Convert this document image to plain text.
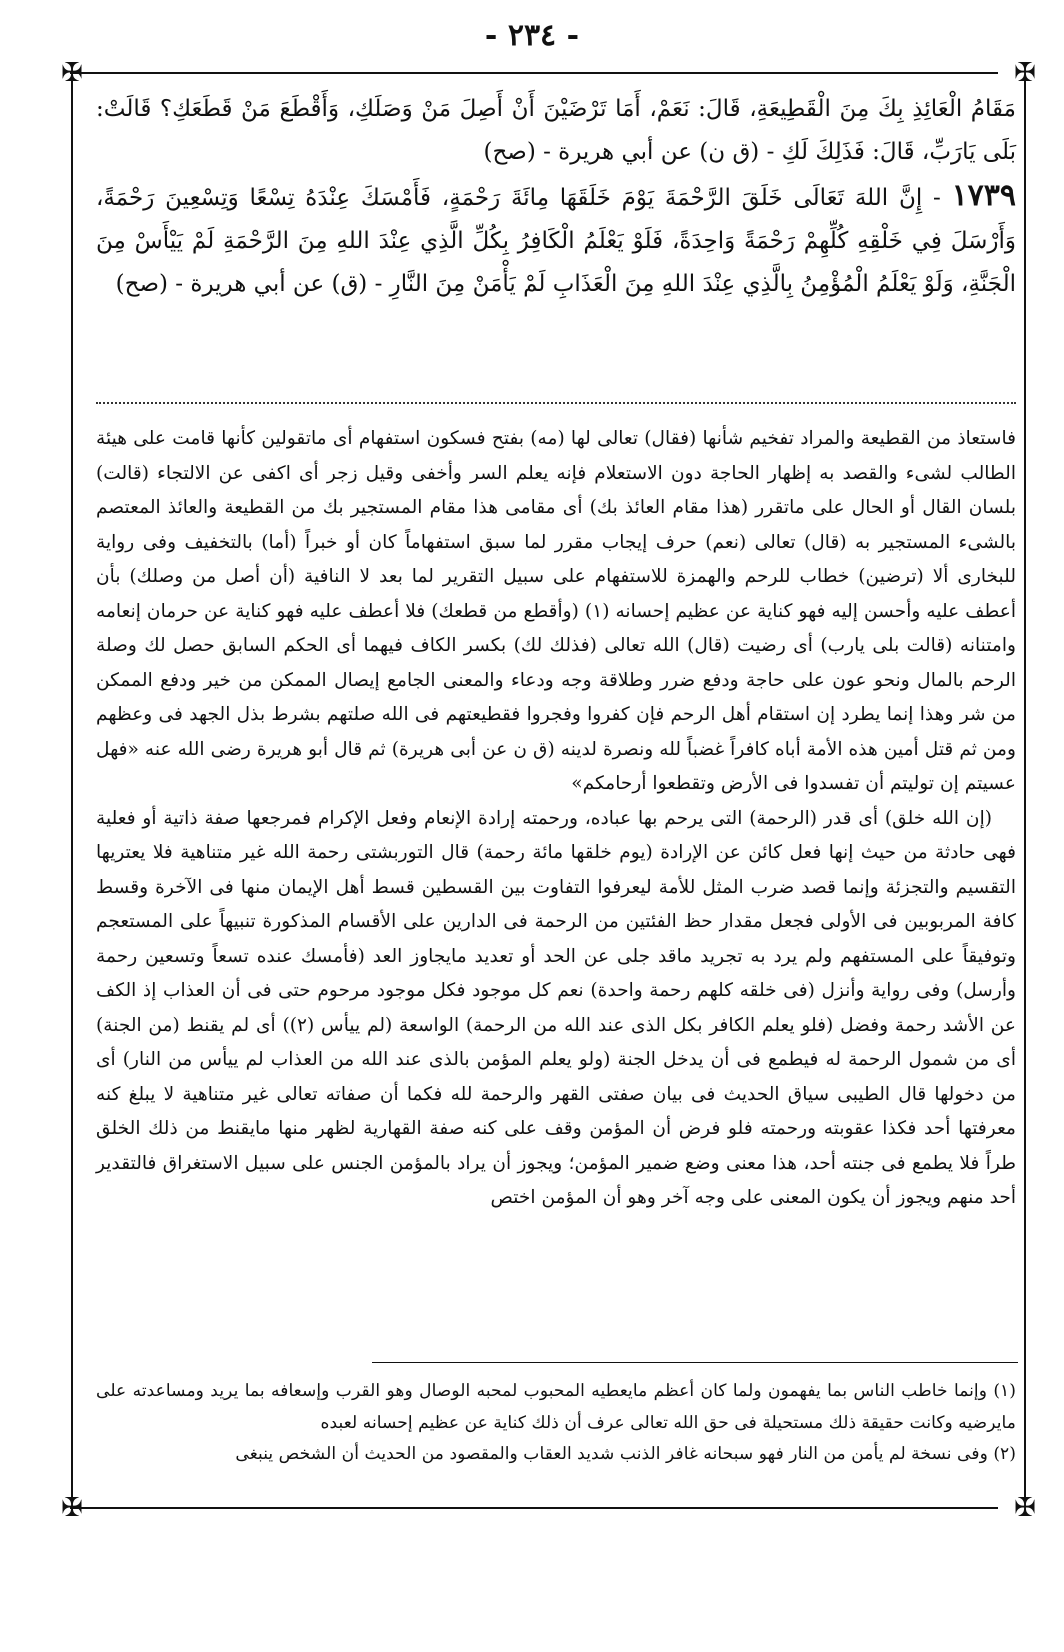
- ٢٣٤ -
✠	✠
✠	✠

مَقَامُ الْعَائِذِ بِكَ مِنَ الْقَطِيعَةِ، قَالَ: نَعَمْ، أَمَا تَرْضَيْنَ أَنْ أَصِلَ مَنْ وَصَلَكِ، وَأَقْطَعَ مَنْ قَطَعَكِ؟ قَالَتْ: بَلَى يَارَبِّ، قَالَ: فَذَلِكَ لَكِ - (ق ن) عن أبي هريرة - (صح)

١٧٣٩ - إِنَّ اللهَ تَعَالَى خَلَقَ الرَّحْمَةَ يَوْمَ خَلَقَهَا مِائَةَ رَحْمَةٍ، فَأَمْسَكَ عِنْدَهُ تِسْعًا وَتِسْعِينَ رَحْمَةً، وَأَرْسَلَ فِي خَلْقِهِ كُلِّهِمْ رَحْمَةً وَاحِدَةً، فَلَوْ يَعْلَمُ الْكَافِرُ بِكُلِّ الَّذِي عِنْدَ اللهِ مِنَ الرَّحْمَةِ لَمْ يَيْأَسْ مِنَ الْجَنَّةِ، وَلَوْ يَعْلَمُ الْمُؤْمِنُ بِالَّذِي عِنْدَ اللهِ مِنَ الْعَذَابِ لَمْ يَأْمَنْ مِنَ النَّارِ - (ق) عن أبي هريرة - (صح)

فاستعاذ من القطيعة والمراد تفخيم شأنها (فقال) تعالى لها (مه) بفتح فسكون استفهام أى ماتقولين كأنها قامت على هيئة الطالب لشىء والقصد به إظهار الحاجة دون الاستعلام فإنه يعلم السر وأخفى وقيل زجر أى اكفى عن الالتجاء (قالت) بلسان القال أو الحال على ماتقرر (هذا مقام العائذ بك) أى مقامى هذا مقام المستجير بك من القطيعة والعائذ المعتصم بالشىء المستجير به (قال) تعالى (نعم) حرف إيجاب مقرر لما سبق استفهاماً كان أو خبراً (أما) بالتخفيف وفى رواية للبخارى ألا (ترضين) خطاب للرحم والهمزة للاستفهام على سبيل التقرير لما بعد لا النافية (أن أصل من وصلك) بأن أعطف عليه وأحسن إليه فهو كناية عن عظيم إحسانه (١) (وأقطع من قطعك) فلا أعطف عليه فهو كناية عن حرمان إنعامه وامتنانه (قالت بلى يارب) أى رضيت (قال) الله تعالى (فذلك لك) بكسر الكاف فيهما أى الحكم السابق حصل لك وصلة الرحم بالمال ونحو عون على حاجة ودفع ضرر وطلاقة وجه ودعاء والمعنى الجامع إيصال الممكن من خير ودفع الممكن من شر وهذا إنما يطرد إن استقام أهل الرحم فإن كفروا وفجروا فقطيعتهم فى الله صلتهم بشرط بذل الجهد فى وعظهم ومن ثم قتل أمين هذه الأمة أباه كافراً غضباً لله ونصرة لدينه (ق ن عن أبى هريرة) ثم قال أبو هريرة رضى الله عنه «فهل عسيتم إن توليتم أن تفسدوا فى الأرض وتقطعوا أرحامكم»

(إن الله خلق) أى قدر (الرحمة) التى يرحم بها عباده، ورحمته إرادة الإنعام وفعل الإكرام فمرجعها صفة ذاتية أو فعلية فهى حادثة من حيث إنها فعل كائن عن الإرادة (يوم خلقها مائة رحمة) قال التوربشتى رحمة الله غير متناهية فلا يعتريها التقسيم والتجزئة وإنما قصد ضرب المثل للأمة ليعرفوا التفاوت بين القسطين قسط أهل الإيمان منها فى الآخرة وقسط كافة المربوبين فى الأولى فجعل مقدار حظ الفئتين من الرحمة فى الدارين على الأقسام المذكورة تنبيهاً على المستعجم وتوفيقاً على المستفهم ولم يرد به تجريد ماقد جلى عن الحد أو تعديد مايجاوز العد (فأمسك عنده تسعاً وتسعين رحمة وأرسل) وفى رواية وأنزل (فى خلقه كلهم رحمة واحدة) نعم كل موجود فكل موجود مرحوم حتى فى أن العذاب إذ الكف عن الأشد رحمة وفضل (فلو يعلم الكافر بكل الذى عند الله من الرحمة) الواسعة (لم ييأس (٢)) أى لم يقنط (من الجنة) أى من شمول الرحمة له فيطمع فى أن يدخل الجنة (ولو يعلم المؤمن بالذى عند الله من العذاب لم ييأس من النار) أى من دخولها قال الطيبى سياق الحديث فى بيان صفتى القهر والرحمة لله فكما أن صفاته تعالى غير متناهية لا يبلغ كنه معرفتها أحد فكذا عقوبته ورحمته فلو فرض أن المؤمن وقف على كنه صفة القهارية لظهر منها مايقنط من ذلك الخلق طراً فلا يطمع فى جنته أحد، هذا معنى وضع ضمير المؤمن؛ ويجوز أن يراد بالمؤمن الجنس على سبيل الاستغراق فالتقدير أحد منهم ويجوز أن يكون المعنى على وجه آخر وهو أن المؤمن اختص

(١) وإنما خاطب الناس بما يفهمون ولما كان أعظم مايعطيه المحبوب لمحبه الوصال وهو القرب وإسعافه بما يريد ومساعدته على مايرضيه وكانت حقيقة ذلك مستحيلة فى حق الله تعالى عرف أن ذلك كناية عن عظيم إحسانه لعبده

(٢) وفى نسخة لم يأمن من النار فهو سبحانه غافر الذنب شديد العقاب والمقصود من الحديث أن الشخص ينبغى
